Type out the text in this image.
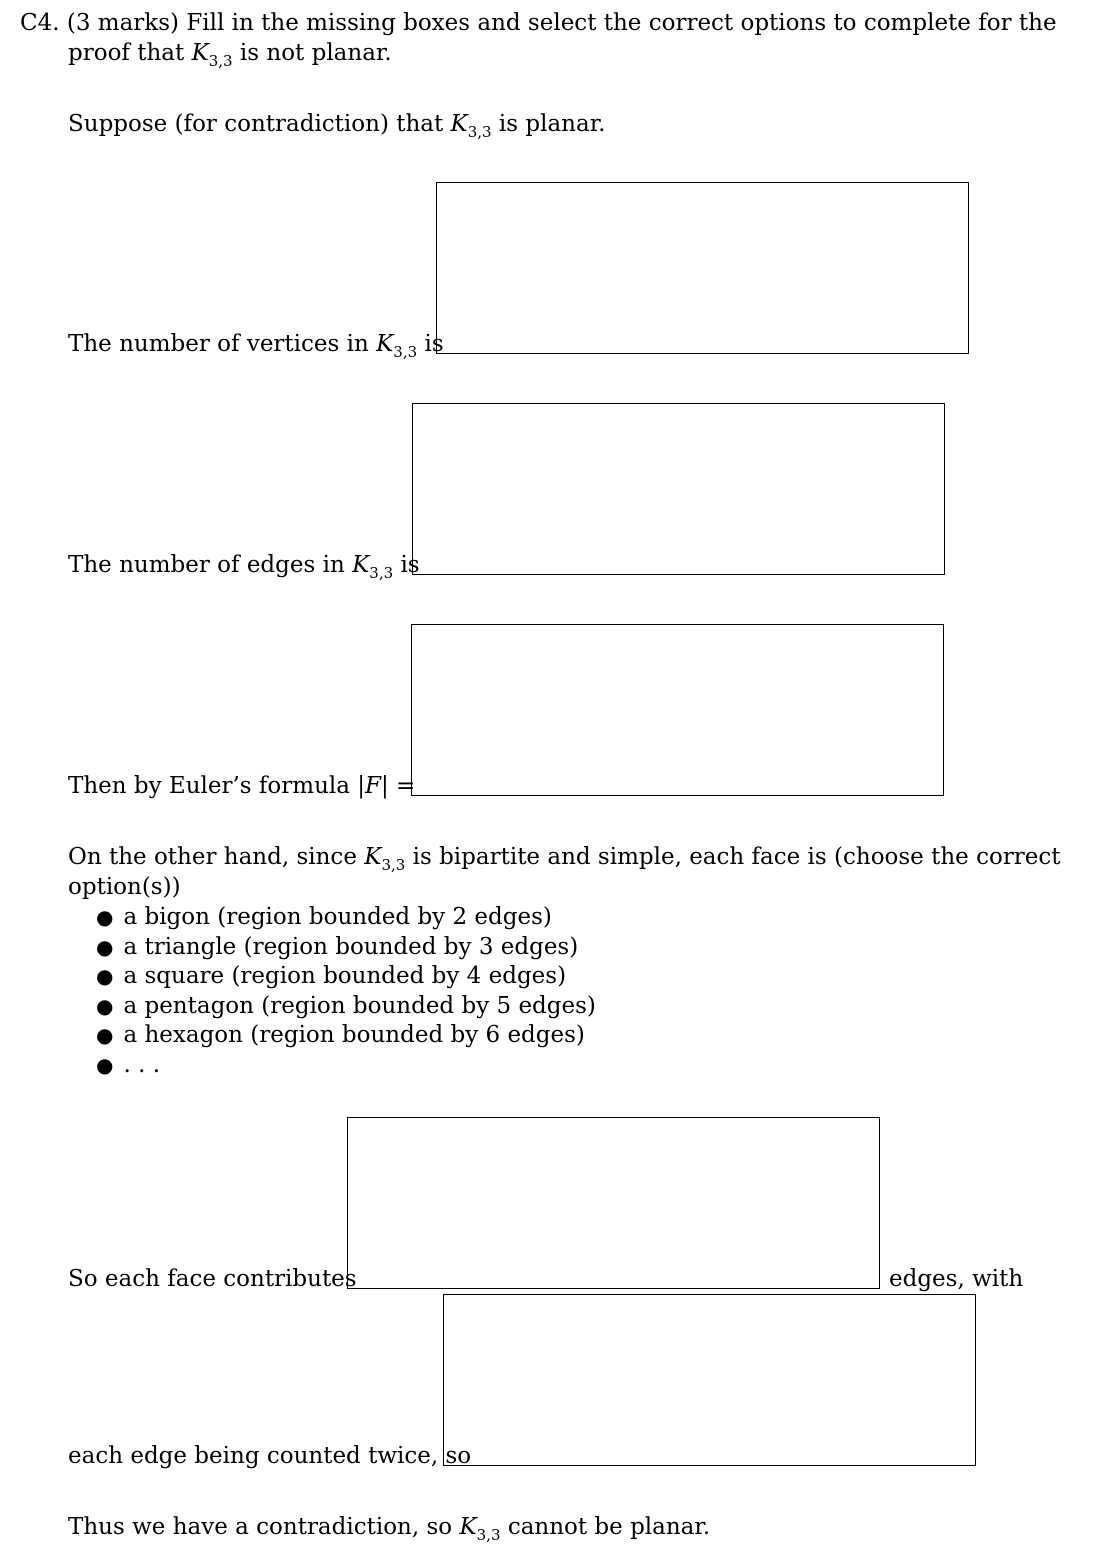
C4. (3 marks) Fill in the missing boxes and select the correct options to complete for the
proof that $K_{3,3}$ is not planar.
Suppose (for contradiction) that $K_{3,3}$ is planar.
The number of vertices in $K_{3,3}$ is
The number of edges in $K_{3,3}$ is
Then by Euler’s formula |F| =
On the other hand, since $K_{3,3}$ is bipartite and simple, each face is (choose the correct
option(s))
● a bigon (region bounded by 2 edges)
● a triangle (region bounded by 3 edges)
● a square (region bounded by 4 edges)
● a pentagon (region bounded by 5 edges)
● a hexagon (region bounded by 6 edges)
● . . .
So each face contributes	edges, with
each edge being counted twice, so
Thus we have a contradiction, so $K_{3,3}$ cannot be planar.
